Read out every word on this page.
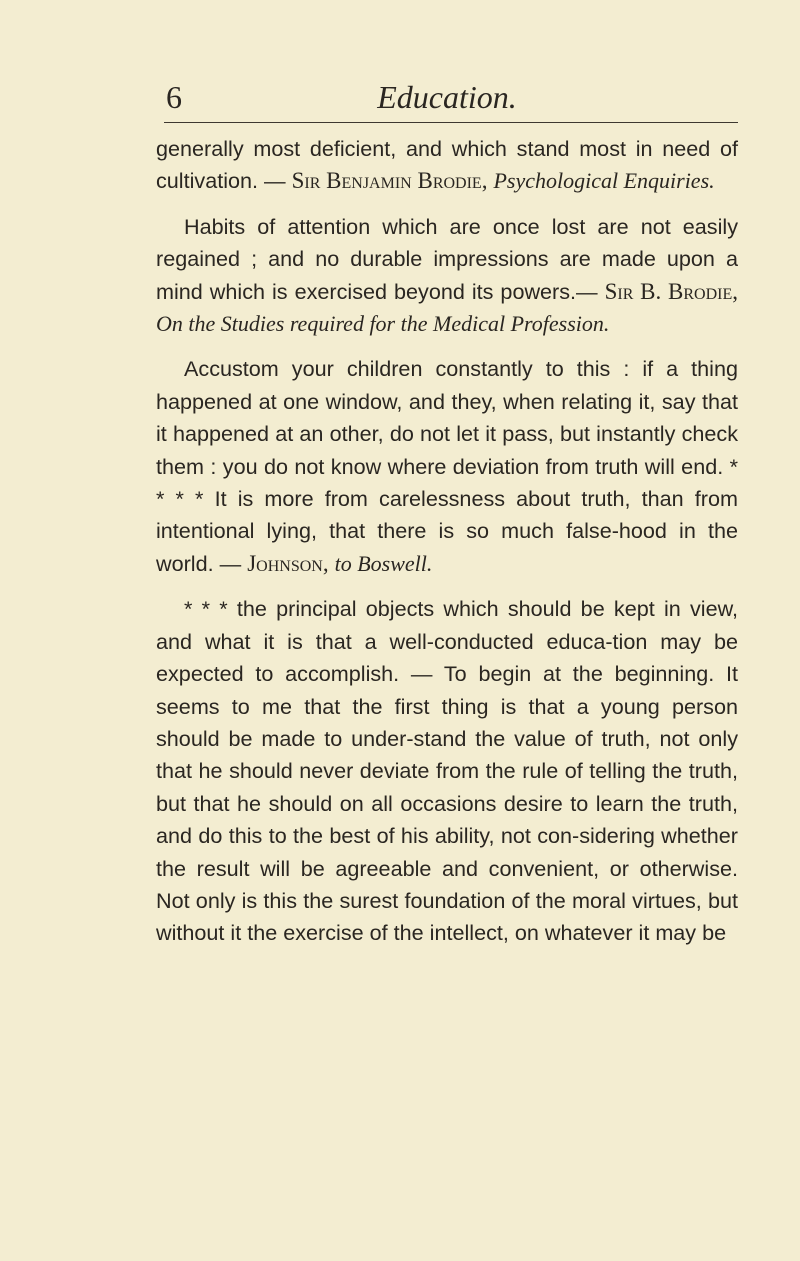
6	Education.

generally most deficient, and which stand most in need of cultivation. — Sir Benjamin Brodie, Psychological Enquiries.

Habits of attention which are once lost are not easily regained ; and no durable impressions are made upon a mind which is exercised beyond its powers.— Sir B. Brodie, On the Studies required for the Medical Profession.

Accustom your children constantly to this : if a thing happened at one window, and they, when relating it, say that it happened at an other, do not let it pass, but instantly check them : you do not know where deviation from truth will end. * * * * It is more from carelessness about truth, than from intentional lying, that there is so much false-hood in the world. — Johnson, to Boswell.

* * * the principal objects which should be kept in view, and what it is that a well-conducted educa-tion may be expected to accomplish. — To begin at the beginning. It seems to me that the first thing is that a young person should be made to under-stand the value of truth, not only that he should never deviate from the rule of telling the truth, but that he should on all occasions desire to learn the truth, and do this to the best of his ability, not con-sidering whether the result will be agreeable and convenient, or otherwise. Not only is this the surest foundation of the moral virtues, but without it the exercise of the intellect, on whatever it may be
